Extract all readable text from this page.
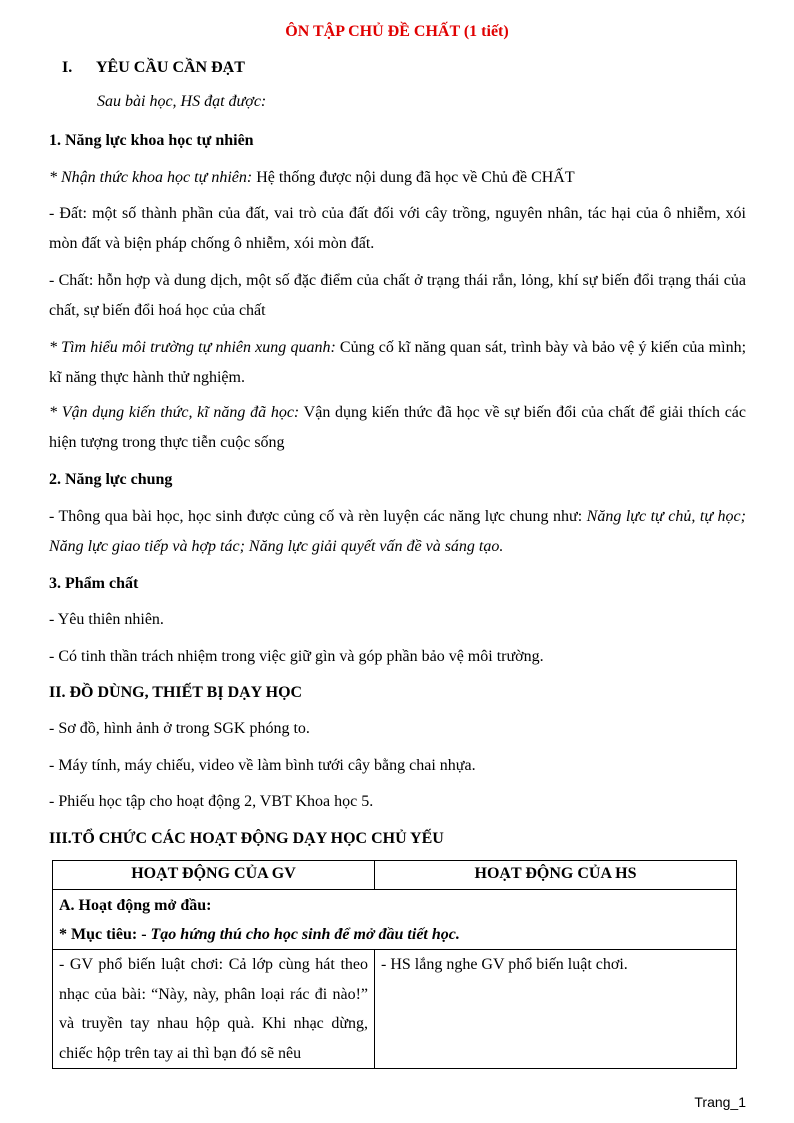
ÔN TẬP CHỦ ĐỀ CHẤT (1 tiết)
I. YÊU CẦU CẦN ĐẠT
Sau bài học, HS đạt được:
1. Năng lực khoa học tự nhiên
* Nhận thức khoa học tự nhiên: Hệ thống được nội dung đã học về Chủ đề CHẤT
- Đất: một số thành phần của đất, vai trò của đất đối với cây trồng, nguyên nhân, tác hại của ô nhiễm, xói mòn đất và biện pháp chống ô nhiễm, xói mòn đất.
- Chất: hỗn hợp và dung dịch, một số đặc điểm của chất ở trạng thái rắn, lỏng, khí sự biến đổi trạng thái của chất, sự biến đổi hoá học của chất
* Tìm hiểu môi trường tự nhiên xung quanh: Củng cố kĩ năng quan sát, trình bày và bảo vệ ý kiến của mình; kĩ năng thực hành thử nghiệm.
* Vận dụng kiến thức, kĩ năng đã học: Vận dụng kiến thức đã học về sự biến đổi của chất để giải thích các hiện tượng trong thực tiễn cuộc sống
2. Năng lực chung
- Thông qua bài học, học sinh được củng cố và rèn luyện các năng lực chung như: Năng lực tự chủ, tự học; Năng lực giao tiếp và hợp tác; Năng lực giải quyết vấn đề và sáng tạo.
3. Phẩm chất
- Yêu thiên nhiên.
- Có tinh thần trách nhiệm trong việc giữ gìn và góp phần bảo vệ môi trường.
II. ĐỒ DÙNG, THIẾT BỊ DẠY HỌC
- Sơ đồ, hình ảnh ở trong SGK phóng to.
- Máy tính, máy chiếu, video về làm bình tưới cây bằng chai nhựa.
- Phiếu học tập cho hoạt động 2, VBT Khoa học 5.
III.TỔ CHỨC CÁC HOẠT ĐỘNG DẠY HỌC CHỦ YẾU
HOẠT ĐỘNG CỦA GV	HOẠT ĐỘNG CỦA HS

A. Hoạt động mở đầu:
* Mục tiêu: - Tạo hứng thú cho học sinh để mở đầu tiết học.	

- GV phổ biến luật chơi: Cả lớp cùng hát theo nhạc của bài: “Này, này, phân loại rác đi nào!” và truyền tay nhau hộp quà. Khi nhạc dừng, chiếc hộp trên tay ai thì bạn đó sẽ nêu	- HS lắng nghe GV phổ biến luật chơi.
Trang_1
